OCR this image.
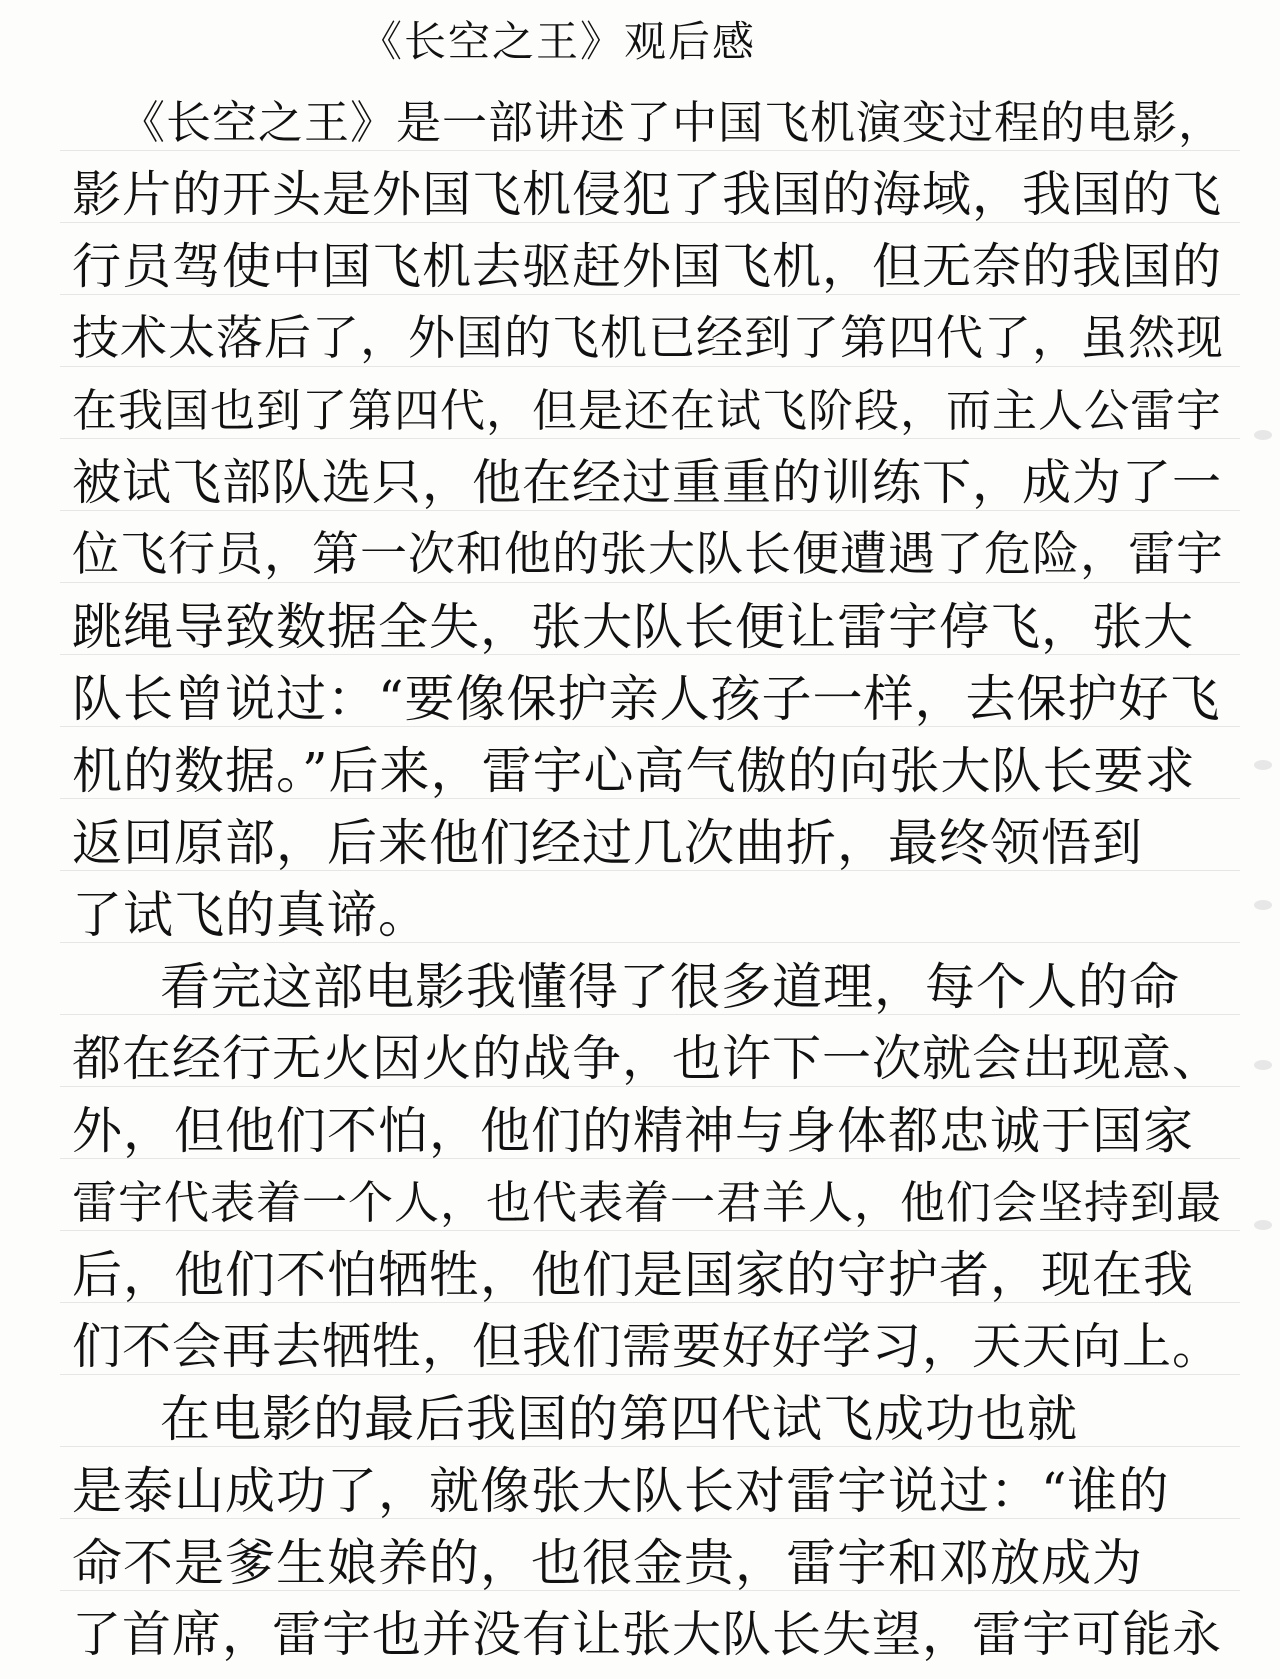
《长空之王》观后感
《长空之王》是一部讲述了中国飞机演变过程的电影，
影片的开头是外国飞机侵犯了我国的海域，我国的飞
行员驾使中国飞机去驱赶外国飞机，但无奈的我国的
技术太落后了，外国的飞机已经到了第四代了，虽然现
在我国也到了第四代，但是还在试飞阶段，而主人公雷宇
被试飞部队选只，他在经过重重的训练下，成为了一
位飞行员，第一次和他的张大队长便遭遇了危险，雷宇
跳绳导致数据全失，张大队长便让雷宇停飞，张大
队长曾说过：“要像保护亲人孩子一样，去保护好飞
机的数据。”后来，雷宇心高气傲的向张大队长要求
返回原部，后来他们经过几次曲折，最终领悟到
了试飞的真谛。
看完这部电影我懂得了很多道理，每个人的命
都在经行无火因火的战争，也许下一次就会出现意、
外，但他们不怕，他们的精神与身体都忠诚于国家
雷宇代表着一个人，也代表着一君羊人，他们会坚持到最
后，他们不怕牺牲，他们是国家的守护者，现在我
们不会再去牺牲，但我们需要好好学习，天天向上。
在电影的最后我国的第四代试飞成功也就
是泰山成功了，就像张大队长对雷宇说过：“谁的
命不是爹生娘养的，也很金贵，雷宇和邓放成为
了首席，雷宇也并没有让张大队长失望，雷宇可能永
